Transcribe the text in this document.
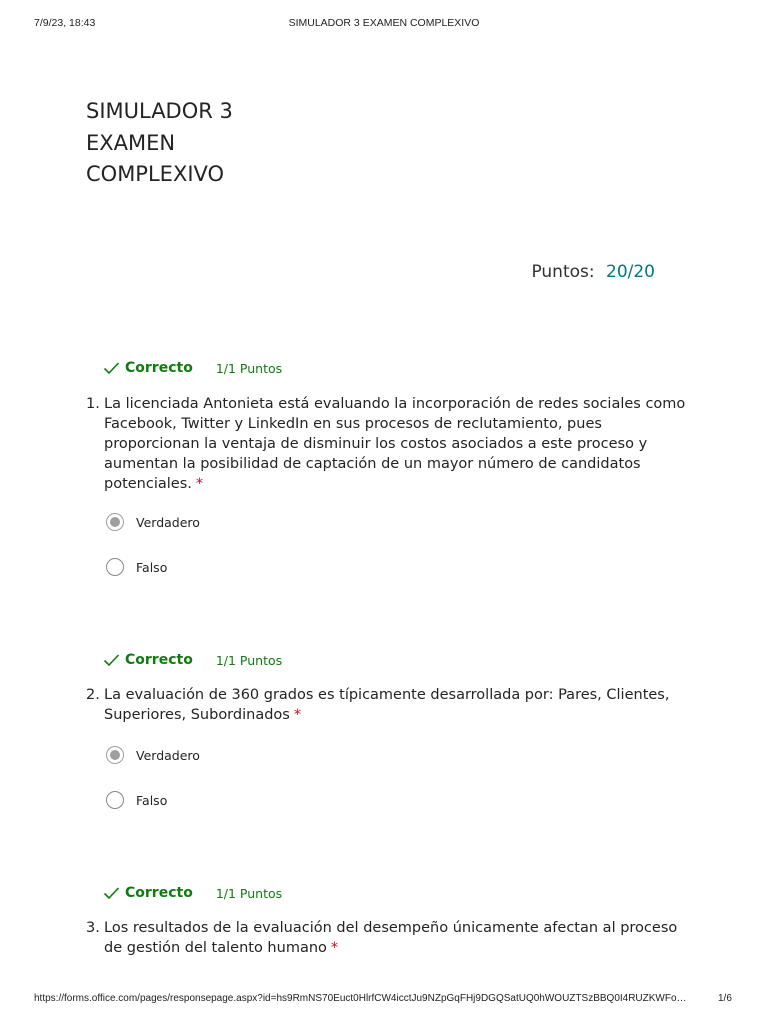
7/9/23, 18:43	SIMULADOR 3 EXAMEN COMPLEXIVO
SIMULADOR 3
EXAMEN
COMPLEXIVO
Puntos: 20/20
Correcto 1/1 Puntos
1. La licenciada Antonieta está evaluando la incorporación de redes sociales como Facebook, Twitter y LinkedIn en sus procesos de reclutamiento, pues proporcionan la ventaja de disminuir los costos asociados a este proceso y aumentan la posibilidad de captación de un mayor número de candidatos potenciales. *
Verdadero
Falso
Correcto 1/1 Puntos
2. La evaluación de 360 grados es típicamente desarrollada por: Pares, Clientes, Superiores, Subordinados *
Verdadero
Falso
Correcto 1/1 Puntos
3. Los resultados de la evaluación del desempeño únicamente afectan al proceso de gestión del talento humano *
https://forms.office.com/pages/responsepage.aspx?id=hs9RmNS70Euct0HlrfCW4icctJu9NZpGqFHj9DGQSatUQ0hWOUZTSzBBQ0I4RUZKWFo…	1/6
